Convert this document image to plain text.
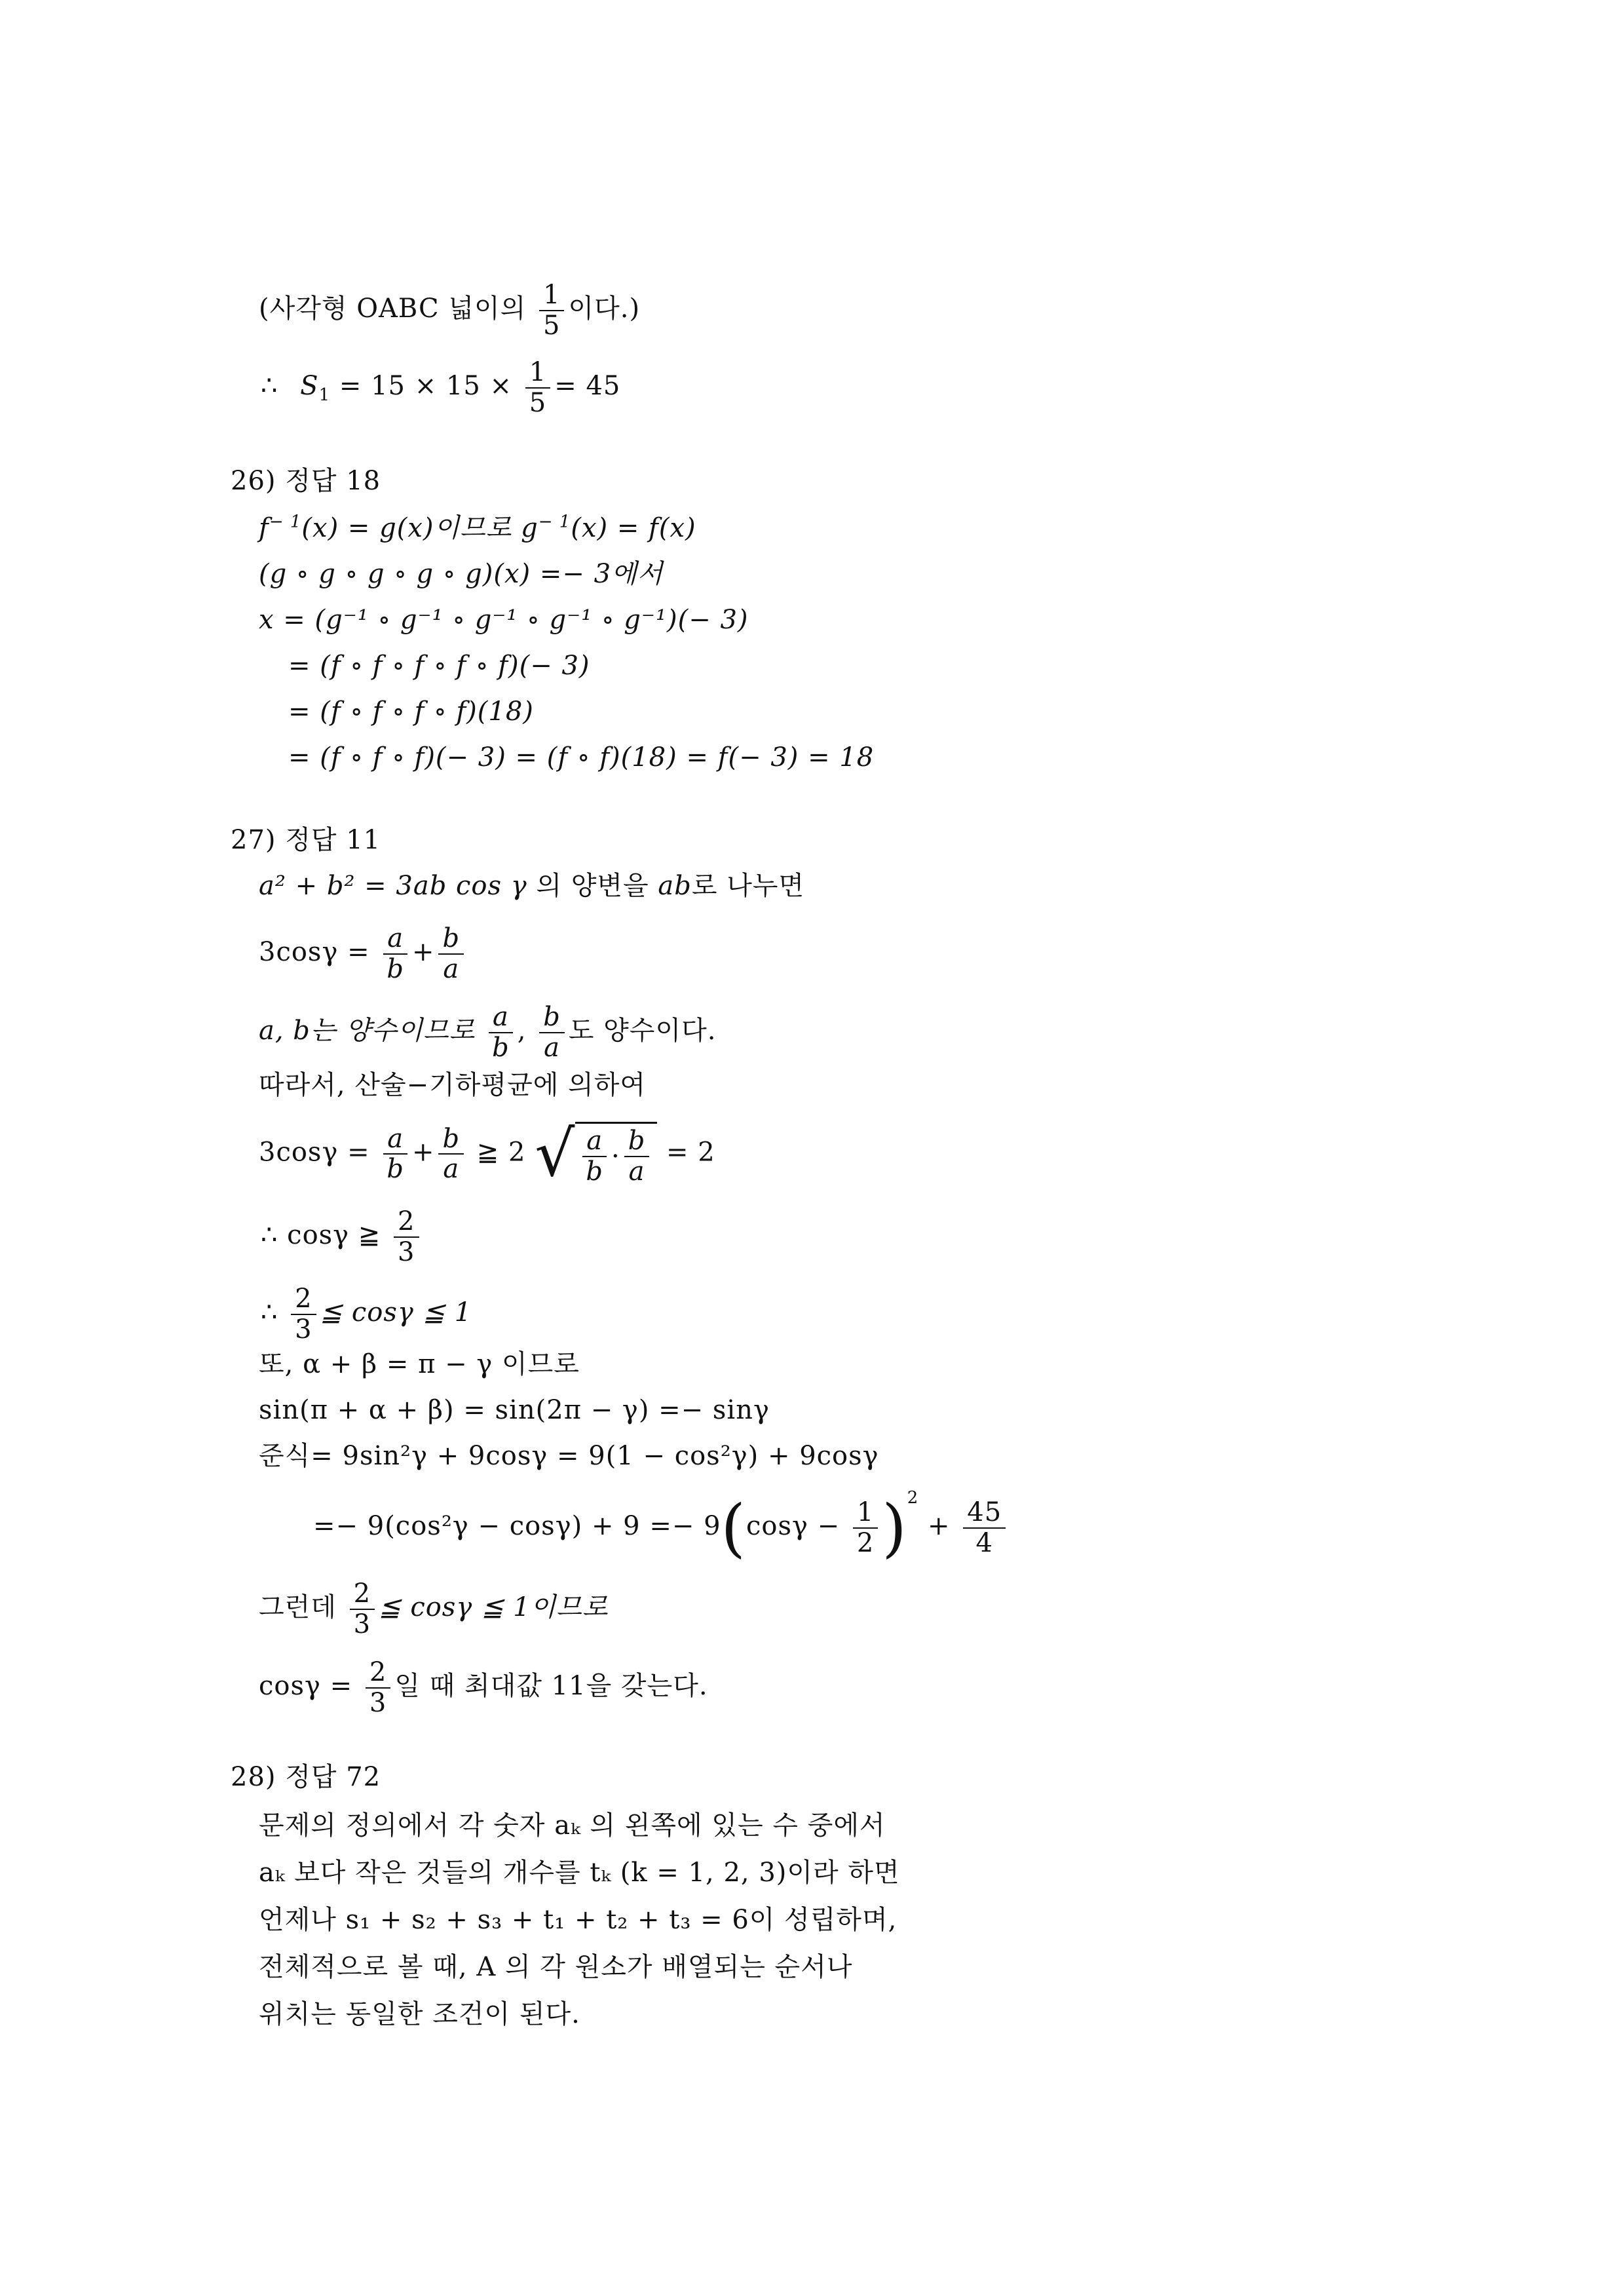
(사각형 OABC 넓이의 $\frac{1}{5}$ 이다.)
∴ $S_1 = 15 \times 15 \times \frac{1}{5} = 45$
26) 정답 18
$f^{- 1}(x) = g(x)$이므로 $g^{- 1}(x) = f(x)$
(g ∘ g ∘ g ∘ g ∘ g)(x) =− 3에서
x = (g⁻¹ ∘ g⁻¹ ∘ g⁻¹ ∘ g⁻¹ ∘ g⁻¹)(− 3)
= (f ∘ f ∘ f ∘ f ∘ f)(− 3)
= (f ∘ f ∘ f ∘ f)(18)
= (f ∘ f ∘ f)(− 3) = (f ∘ f)(18) = f(− 3) = 18
27) 정답 11
a² + b² = 3ab cos γ 의 양변을 ab로 나누면
$3\cos\gamma = \frac{a}{b} + \frac{b}{a}$
a, b는 양수이므로 $\frac{a}{b}$ , $\frac{b}{a}$ 도 양수이다.
따라서, 산술−기하평균에 의하여
$3\cos\gamma = \frac{a}{b} + \frac{b}{a}$ ≧ 2 √ $\frac{a}{b} \cdot \frac{b}{a} = 2$
∴ cosγ ≧ $\frac{2}{3}$
∴ $\frac{2}{3}$ ≦ cosγ ≦ 1
또, α + β = π − γ 이므로
sin(π + α + β) = sin(2π − γ) =− sinγ
준식= 9sin²γ + 9cosγ = 9(1 − cos²γ) + 9cosγ
=− $9(\cos^2\gamma - \cos\gamma) + 9 =- 9(\cos\gamma - \frac{1}{2} )^2 + \frac{45}{4}$
그런데 $\frac{2}{3}$ ≦ cosγ ≦ 1이므로
$\cos\gamma = \frac{2}{3}$ 일 때 최대값 11을 갖는다.
28) 정답 72
문제의 정의에서 각 숫자 aₖ 의 왼쪽에 있는 수 중에서
aₖ 보다 작은 것들의 개수를 tₖ (k = 1, 2, 3)이라 하면
언제나 s₁ + s₂ + s₃ + t₁ + t₂ + t₃ = 6이 성립하며,
전체적으로 볼 때, A 의 각 원소가 배열되는 순서나
위치는 동일한 조건이 된다.
